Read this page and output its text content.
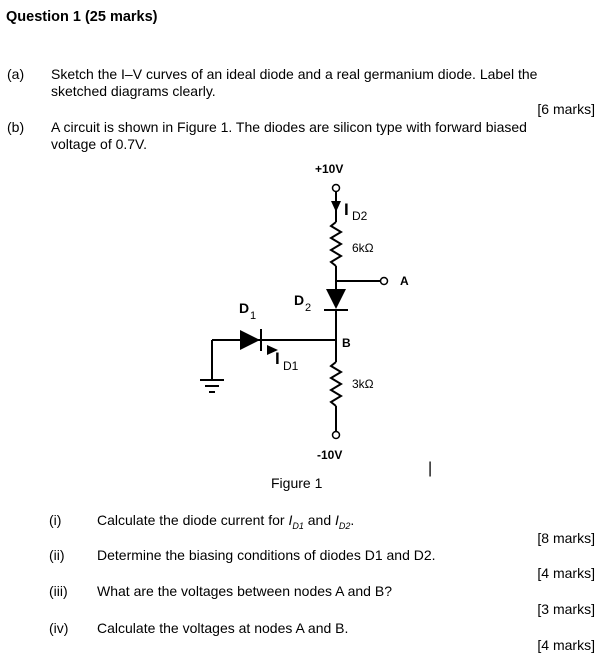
Question 1 (25 marks)
(a) Sketch the I–V curves of an ideal diode and a real germanium diode. Label the
sketched diagrams clearly.
[6 marks]
(b) A circuit is shown in Figure 1. The diodes are silicon type with forward biased
voltage of 0.7V.
+10V
I D2
6kΩ
A
D 2
B
D 1
I D1
3kΩ
-10V
|
Figure 1
(i)	Calculate the diode current for $I_{D1}$ and $I_{D2}$.
[8 marks]
(ii) Determine the biasing conditions of diodes D1 and D2.
[4 marks]
(iii) What are the voltages between nodes A and B?
[3 marks]
(iv) Calculate the voltages at nodes A and B.
[4 marks]
